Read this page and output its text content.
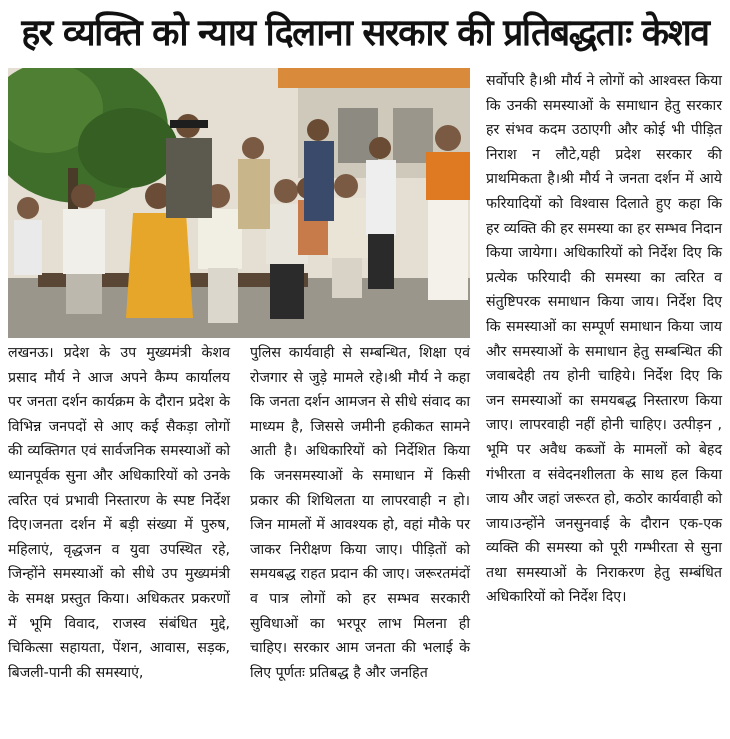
हर व्यक्ति को न्याय दिलाना सरकार की प्रतिबद्धताः केशव
लखनऊ। प्रदेश के उप मुख्यमंत्री केशव प्रसाद मौर्य ने आज अपने कैम्प कार्यालय पर जनता दर्शन कार्यक्रम के दौरान प्रदेश के विभिन्न जनपदों से आए कई सैकड़ा लोगों की व्यक्तिगत एवं सार्वजनिक समस्याओं को ध्यानपूर्वक सुना और अधिकारियों को उनके त्वरित एवं प्रभावी निस्तारण के स्पष्ट निर्देश दिए।जनता दर्शन में बड़ी संख्या में पुरुष, महिलाएं, वृद्धजन व युवा उपस्थित रहे, जिन्होंने समस्याओं को सीधे उप मुख्यमंत्री के समक्ष प्रस्तुत किया। अधिकतर प्रकरणों में भूमि विवाद, राजस्व संबंधित मुद्दे, चिकित्सा सहायता, पेंशन, आवास, सड़क, बिजली-पानी की समस्याएं,
पुलिस कार्यवाही से सम्बन्धित, शिक्षा एवं रोजगार से जुड़े मामले रहे।श्री मौर्य ने कहा कि जनता दर्शन आमजन से सीधे संवाद का माध्यम है, जिससे जमीनी हकीकत सामने आती है। अधिकारियों को निर्देशित किया कि जनसमस्याओं के समाधान में किसी प्रकार की शिथिलता या लापरवाही न हो। जिन मामलों में आवश्यक हो, वहां मौके पर जाकर निरीक्षण किया जाए। पीड़ितों को समयबद्ध राहत प्रदान की जाए। जरूरतमंदों व पात्र लोगों को हर सम्भव सरकारी सुविधाओं का भरपूर लाभ मिलना ही चाहिए। सरकार आम जनता की भलाई के लिए पूर्णतः प्रतिबद्ध है और जनहित
सर्वोपरि है।श्री मौर्य ने लोगों को आश्वस्त किया कि उनकी समस्याओं के समाधान हेतु सरकार हर संभव कदम उठाएगी और कोई भी पीड़ित निराश न लौटे,यही प्रदेश सरकार की प्राथमिकता है।श्री मौर्य ने जनता दर्शन में आये फरियादियों को विश्वास दिलाते हुए कहा कि हर व्यक्ति की हर समस्या का हर सम्भव निदान किया जायेगा। अधिकारियों को निर्देश दिए कि प्रत्येक फरियादी की समस्या का त्वरित व संतुष्टिपरक समाधान किया जाय। निर्देश दिए कि समस्याओं का सम्पूर्ण समाधान किया जाय और समस्याओं के समाधान हेतु सम्बन्धित की जवाबदेही तय होनी चाहिये। निर्देश दिए कि जन समस्याओं का समयबद्ध निस्तारण किया जाए। लापरवाही नहीं होनी चाहिए। उत्पीड़न , भूमि पर अवैध कब्जों के मामलों को बेहद गंभीरता व संवेदनशीलता के साथ हल किया जाय और जहां जरूरत हो, कठोर कार्यवाही को जाय।उन्होंने जनसुनवाई के दौरान एक-एक व्यक्ति की समस्या को पूरी गम्भीरता से सुना तथा समस्याओं के निराकरण हेतु सम्बंधित अधिकारियों को निर्देश दिए।
